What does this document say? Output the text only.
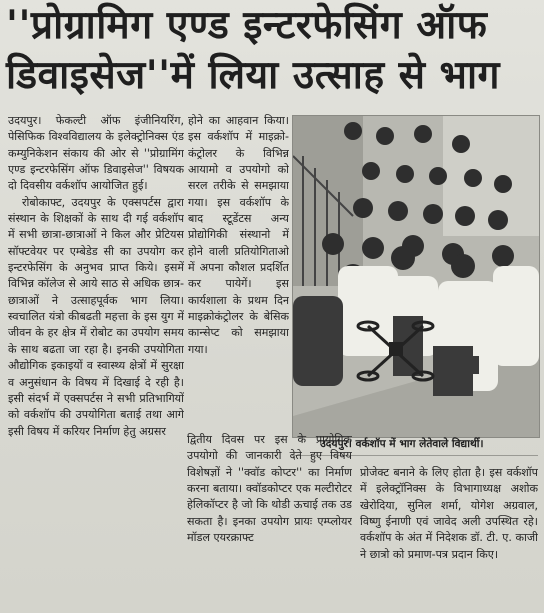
''प्रोग्रामिग एण्ड इन्टरफेसिंग ऑफ
डिवाइसेज''में लिया उत्साह से भाग

उदयपुर। फेकल्टी ऑफ इंजीनियरिंग, पेसिफिक विश्वविद्यालय के इलेक्ट्रोनिक्स एंड कम्युनिकेशन संकाय की ओर से ''प्रोग्रामिंग एण्ड इन्टरफेसिंग ऑफ डिवाइसेज'' विषयक दो दिवसीय वर्कशॉप आयोजित हुई।

रोबोकाफ्ट, उदयपुर के एक्सपर्टस द्वारा संस्थान के शिक्षकों के साथ दी गई वर्कशॉप में सभी छात्रा-छात्राओं ने किल और प्रेटियस सॉफ्टवेयर पर एम्बेडेड सी का उपयोग कर इन्टरफेसिंग के अनुभव प्राप्त किये। इसमें विभिन्न कॉलेज से आये साठ से अधिक छात्र-छात्राओं ने उत्साहपूर्वक भाग लिया। स्वचालित यंत्रो कीबढती महत्ता के इस युग में जीवन के हर क्षेत्र में रोबोट का उपयोग समय के साथ बढता जा रहा है। इनकी उपयोगिता औद्योगिक इकाइयों व स्वास्थ्य क्षेत्रों में सुरक्षा व अनुसंधान के विषय में दिखाई दे रही है। इसी संदर्भ में एक्सपर्टस ने सभी प्रतिभागियों को वर्कशॉप की उपयोगिता बताई तथा आगे इसी विषय में करियर निर्माण हेतु अग्रसर

होने का आहवान किया। इस वर्कशॉप में माइक्रो-कंट्रोलर के विभिन्न आयामो व उपयोगो को सरल तरीके से समझाया गया। इस वर्कशॉप के बाद स्टूडेंटस अन्य प्रोद्योगिकी संस्थानो में होने वाली प्रतियोगिताओ में अपना कौशल प्रदर्शित कर पायेगें। इस कार्यशाला के प्रथम दिन माइक्रोकंट्रोलर के बेसिक कान्सेप्ट को समझाया गया।

उदयपुर। वर्कशॉप में भाग लेतेवाले विद्यार्थी।

द्वितीय दिवस पर इस के प्रायोगिक उपयोगो की जानकारी देते हुए विषय विशेषज्ञों ने ''क्वॉड कोप्टर'' का निर्माण करना बताया। क्वॉडकोप्टर एक मल्टीरोटर हेलिकॉप्टर है जो कि थोडी ऊचाई तक उड सकता है। इनका उपयोग प्रायः एम्प्लोयर मॉडल एयरक्राफ्ट

प्रोजेक्ट बनाने के लिए होता है। इस वर्कशॉप में इलेक्ट्रॉनिक्स के विभागाध्यक्ष अशोक खेरोदिया, सुनिल शर्मा, योगेश अग्रवाल, विष्णु ईनाणी एवं जावेद अली उपस्थित रहे। वर्कशॉप के अंत में निदेशक डॉ. टी. ए. काजी ने छात्रो को प्रमाण-पत्र प्रदान किए।
